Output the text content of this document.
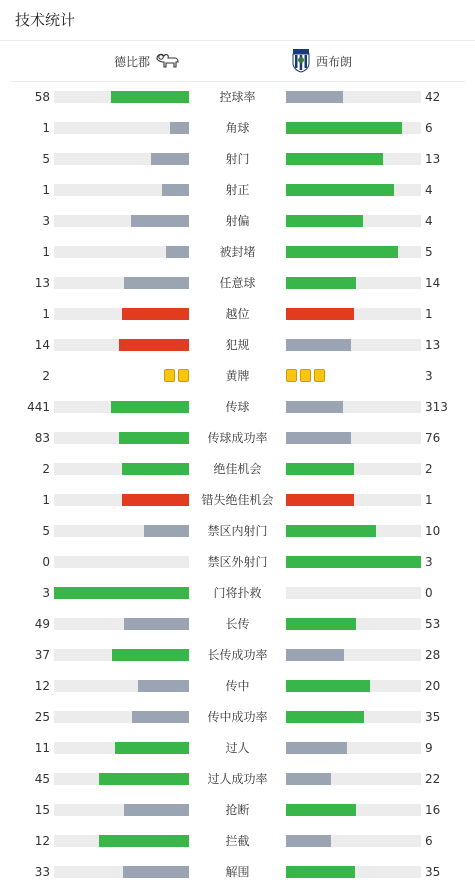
技术统计
德比郡	西布朗
58	控球率	42
1	角球	6
5	射门	13
1	射正	4
3	射偏	4
1	被封堵	5
13	任意球	14
1	越位	1
14	犯规	13
2	黄牌	3
441	传球	313
83	传球成功率	76
2	绝佳机会	2
1	错失绝佳机会	1
5	禁区内射门	10
0	禁区外射门	3
3	门将扑救	0
49	长传	53
37	长传成功率	28
12	传中	20
25	传中成功率	35
11	过人	9
45	过人成功率	22
15	抢断	16
12	拦截	6
33	解围	35
